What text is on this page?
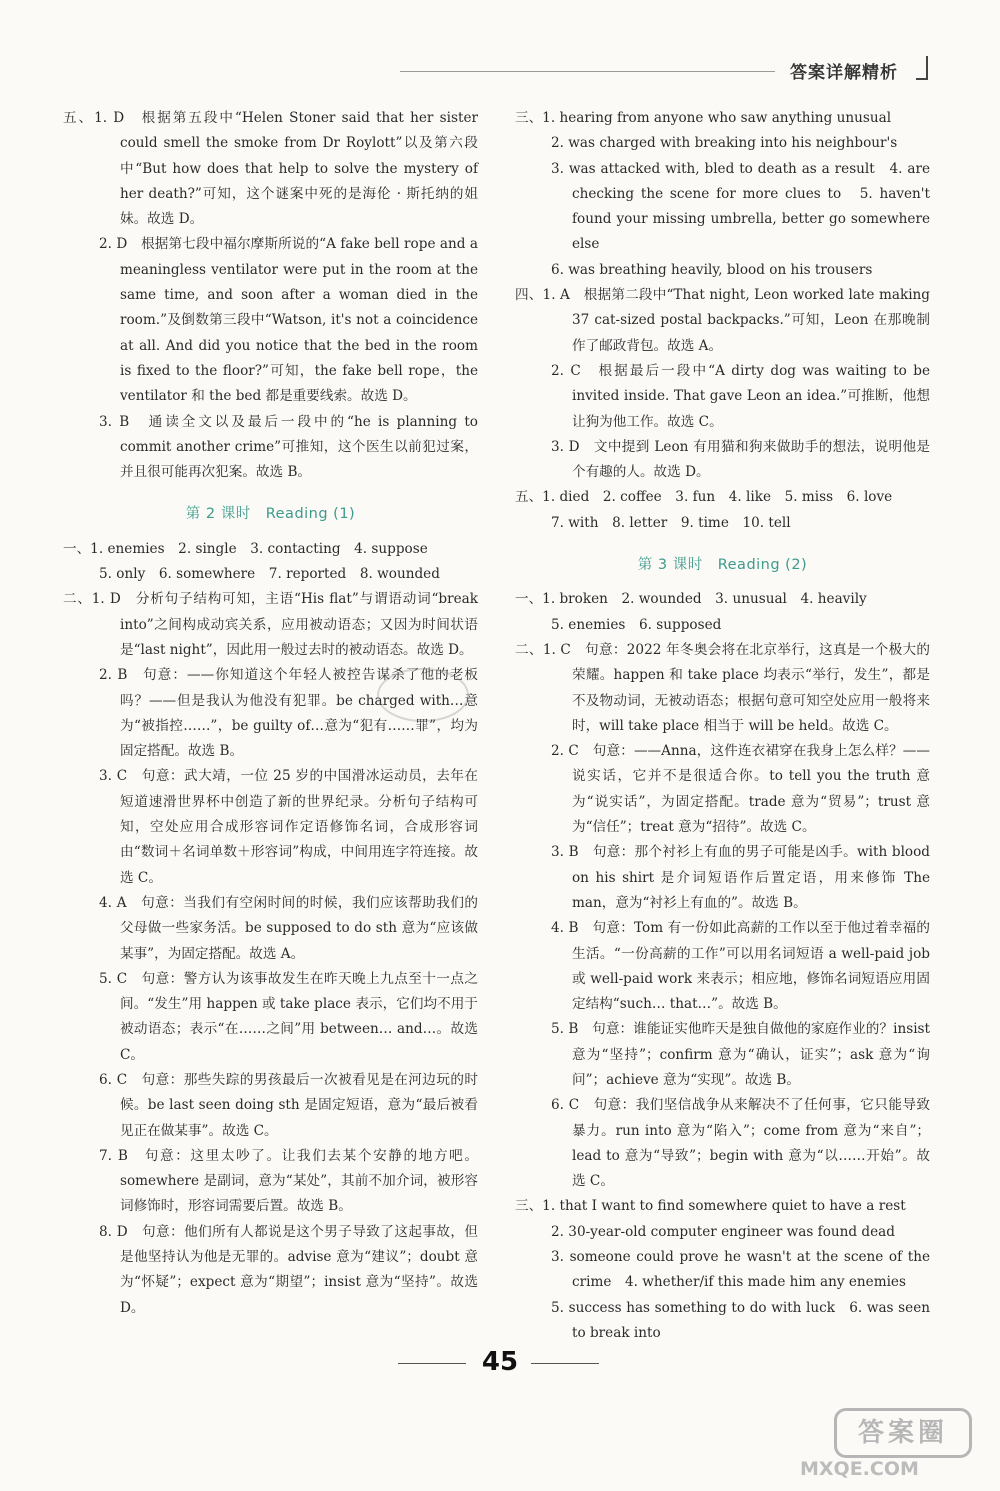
答案详解精析

五、1. D　根据第五段中“Helen Stoner said that her sister could smell the smoke from Dr Roylott”以及第六段中“But how does that help to solve the mystery of her death?”可知，这个谜案中死的是海伦 · 斯托纳的姐妹。故选 D。

2. D　根据第七段中福尔摩斯所说的“A fake bell rope and a meaningless ventilator were put in the room at the same time, and soon after a woman died in the room.”及倒数第三段中“Watson, it's not a coincidence at all. And did you notice that the bed in the room is fixed to the floor?”可知，the fake bell rope，the ventilator 和 the bed 都是重要线索。故选 D。

3. B　通读全文以及最后一段中的“he is planning to commit another crime”可推知，这个医生以前犯过案，并且很可能再次犯案。故选 B。

第 2 课时　Reading (1)

一、1. enemies　2. single　3. contacting　4. suppose

5. only　6. somewhere　7. reported　8. wounded

二、1. D　分析句子结构可知，主语“His flat”与谓语动词“break into”之间构成动宾关系，应用被动语态；又因为时间状语是“last night”，因此用一般过去时的被动语态。故选 D。

2. B　句意：——你知道这个年轻人被控告谋杀了他的老板吗？——但是我认为他没有犯罪。be charged with…意为“被指控……”，be guilty of…意为“犯有……罪”，均为固定搭配。故选 B。

3. C　句意：武大靖，一位 25 岁的中国滑冰运动员，去年在短道速滑世界杯中创造了新的世界纪录。分析句子结构可知，空处应用合成形容词作定语修饰名词，合成形容词由“数词＋名词单数＋形容词”构成，中间用连字符连接。故选 C。

4. A　句意：当我们有空闲时间的时候，我们应该帮助我们的父母做一些家务活。be supposed to do sth 意为“应该做某事”，为固定搭配。故选 A。

5. C　句意：警方认为该事故发生在昨天晚上九点至十一点之间。“发生”用 happen 或 take place 表示，它们均不用于被动语态；表示“在……之间”用 between… and…。故选 C。

6. C　句意：那些失踪的男孩最后一次被看见是在河边玩的时候。be last seen doing sth 是固定短语，意为“最后被看见正在做某事”。故选 C。

7. B　句意：这里太吵了。让我们去某个安静的地方吧。somewhere 是副词，意为“某处”，其前不加介词，被形容词修饰时，形容词需要后置。故选 B。

8. D　句意：他们所有人都说是这个男子导致了这起事故，但是他坚持认为他是无罪的。advise 意为“建议”；doubt 意为“怀疑”；expect 意为“期望”；insist 意为“坚持”。故选 D。

三、1. hearing from anyone who saw anything unusual

2. was charged with breaking into his neighbour's

3. was attacked with, bled to death as a result　4. are checking the scene for more clues to　5. haven't found your missing umbrella, better go somewhere else

6. was breathing heavily, blood on his trousers

四、1. A　根据第二段中“That night, Leon worked late making 37 cat-sized postal backpacks.”可知，Leon 在那晚制作了邮政背包。故选 A。

2. C　根据最后一段中“A dirty dog was waiting to be invited inside. That gave Leon an idea.”可推断，他想让狗为他工作。故选 C。

3. D　文中提到 Leon 有用猫和狗来做助手的想法，说明他是个有趣的人。故选 D。

五、1. died　2. coffee　3. fun　4. like　5. miss　6. love

7. with　8. letter　9. time　10. tell

第 3 课时　Reading (2)

一、1. broken　2. wounded　3. unusual　4. heavily

5. enemies　6. supposed

二、1. C　句意：2022 年冬奥会将在北京举行，这真是一个极大的荣耀。happen 和 take place 均表示“举行，发生”，都是不及物动词，无被动语态；根据句意可知空处应用一般将来时，will take place 相当于 will be held。故选 C。

2. C　句意：——Anna，这件连衣裙穿在我身上怎么样？——说实话，它并不是很适合你。to tell you the truth 意为“说实话”，为固定搭配。trade 意为“贸易”；trust 意为“信任”；treat 意为“招待”。故选 C。

3. B　句意：那个衬衫上有血的男子可能是凶手。with blood on his shirt 是介词短语作后置定语，用来修饰 The man，意为“衬衫上有血的”。故选 B。

4. B　句意：Tom 有一份如此高薪的工作以至于他过着幸福的生活。“一份高薪的工作”可以用名词短语 a well-paid job 或 well-paid work 来表示；相应地，修饰名词短语应用固定结构“such… that…”。故选 B。

5. B　句意：谁能证实他昨天是独自做他的家庭作业的？insist 意为“坚持”；confirm 意为“确认，证实”；ask 意为“询问”；achieve 意为“实现”。故选 B。

6. C　句意：我们坚信战争从来解决不了任何事，它只能导致暴力。run into 意为“陷入”；come from 意为“来自”；lead to 意为“导致”；begin with 意为“以……开始”。故选 C。

三、1. that I want to find somewhere quiet to have a rest

2. 30-year-old computer engineer was found dead

3. someone could prove he wasn't at the scene of the crime　4. whether/if this made him any enemies

5. success has something to do with luck　6. was seen to break into

45
答案圈
MXQE.COM
